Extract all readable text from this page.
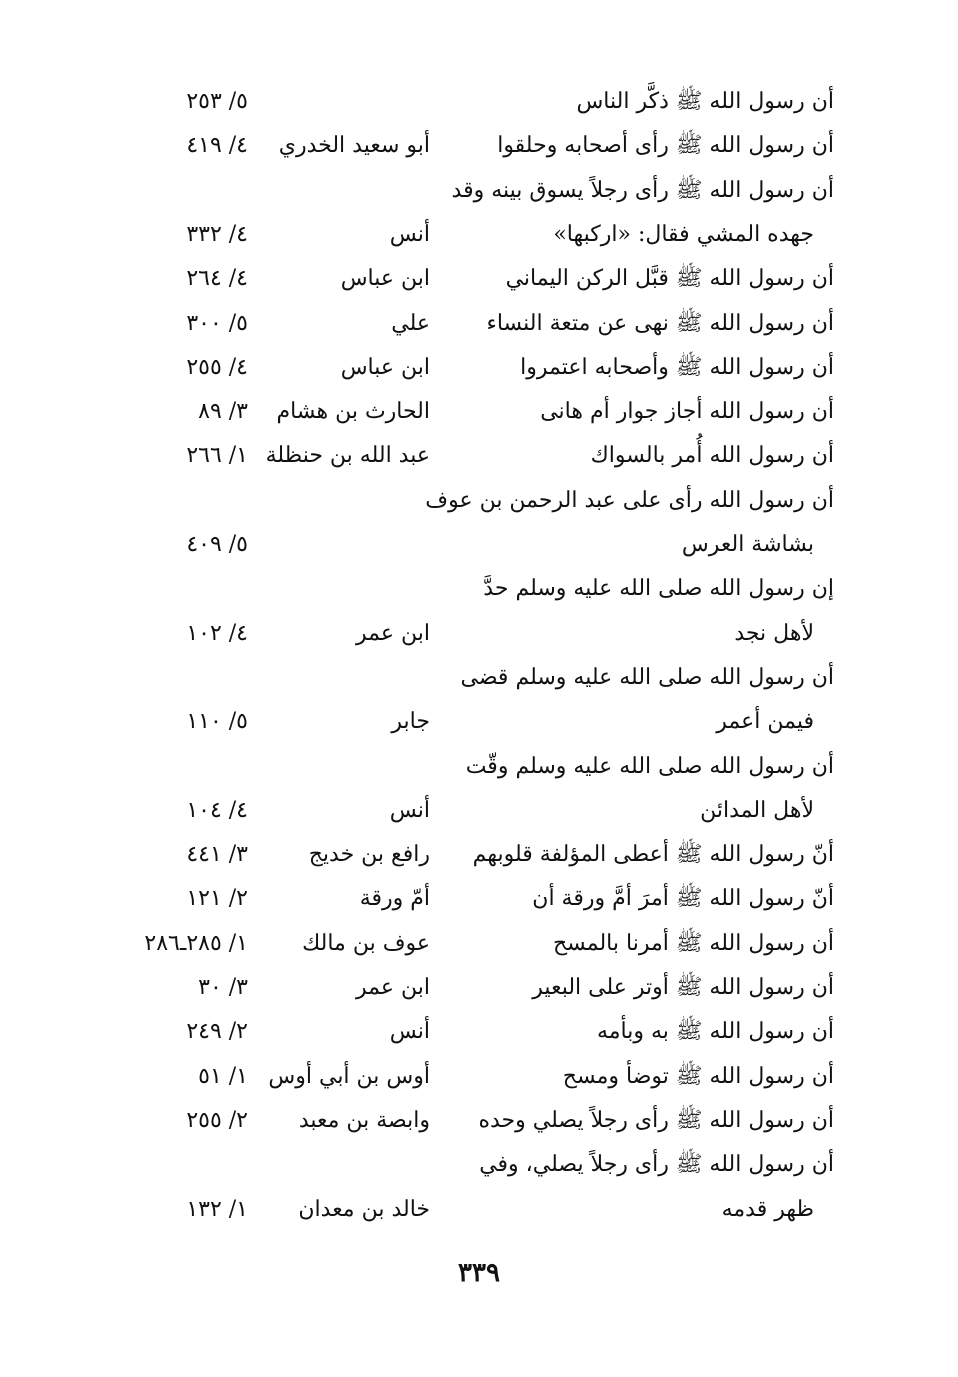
أن رسول الله ﷺ ذكَّر الناس
٥/ ٢٥٣
أن رسول الله ﷺ رأى أصحابه وحلقوا
أبو سعيد الخدري
٤/ ٤١٩
أن رسول الله ﷺ رأى رجلاً يسوق بينه وقد
جهده المشي فقال: «اركبها»
أنس
٤/ ٣٣٢
أن رسول الله ﷺ قبَّل الركن اليماني
ابن عباس
٤/ ٢٦٤
أن رسول الله ﷺ نهى عن متعة النساء
علي
٥/ ٣٠٠
أن رسول الله ﷺ وأصحابه اعتمروا
ابن عباس
٤/ ٢٥٥
أن رسول الله أجاز جوار أم هانى
الحارث بن هشام
٣/ ٨٩
أن رسول الله أُمر بالسواك
عبد الله بن حنظلة
١/ ٢٦٦
أن رسول الله رأى على عبد الرحمن بن عوف
بشاشة العرس
٥/ ٤٠٩
إن رسول الله صلى الله عليه وسلم حدَّ
لأهل نجد
ابن عمر
٤/ ١٠٢
أن رسول الله صلى الله عليه وسلم قضى
فيمن أعمر
جابر
٥/ ١١٠
أن رسول الله صلى الله عليه وسلم وقّت
لأهل المدائن
أنس
٤/ ١٠٤
أنّ رسول الله ﷺ أعطى المؤلفة قلوبهم
رافع بن خديج
٣/ ٤٤١
أنّ رسول الله ﷺ أمرَ أمَّ ورقة أن
أمّ ورقة
٢/ ١٢١
أن رسول الله ﷺ أمرنا بالمسح
عوف بن مالك
١/ ٢٨٥ـ٢٨٦
أن رسول الله ﷺ أوتر على البعير
ابن عمر
٣/ ٣٠
أن رسول الله ﷺ به وبأمه
أنس
٢/ ٢٤٩
أن رسول الله ﷺ توضأ ومسح
أوس بن أبي أوس
١/ ٥١
أن رسول الله ﷺ رأى رجلاً يصلي وحده
وابصة بن معبد
٢/ ٢٥٥
أن رسول الله ﷺ رأى رجلاً يصلي، وفي
ظهر قدمه
خالد بن معدان
١/ ١٣٢
٣٣٩
